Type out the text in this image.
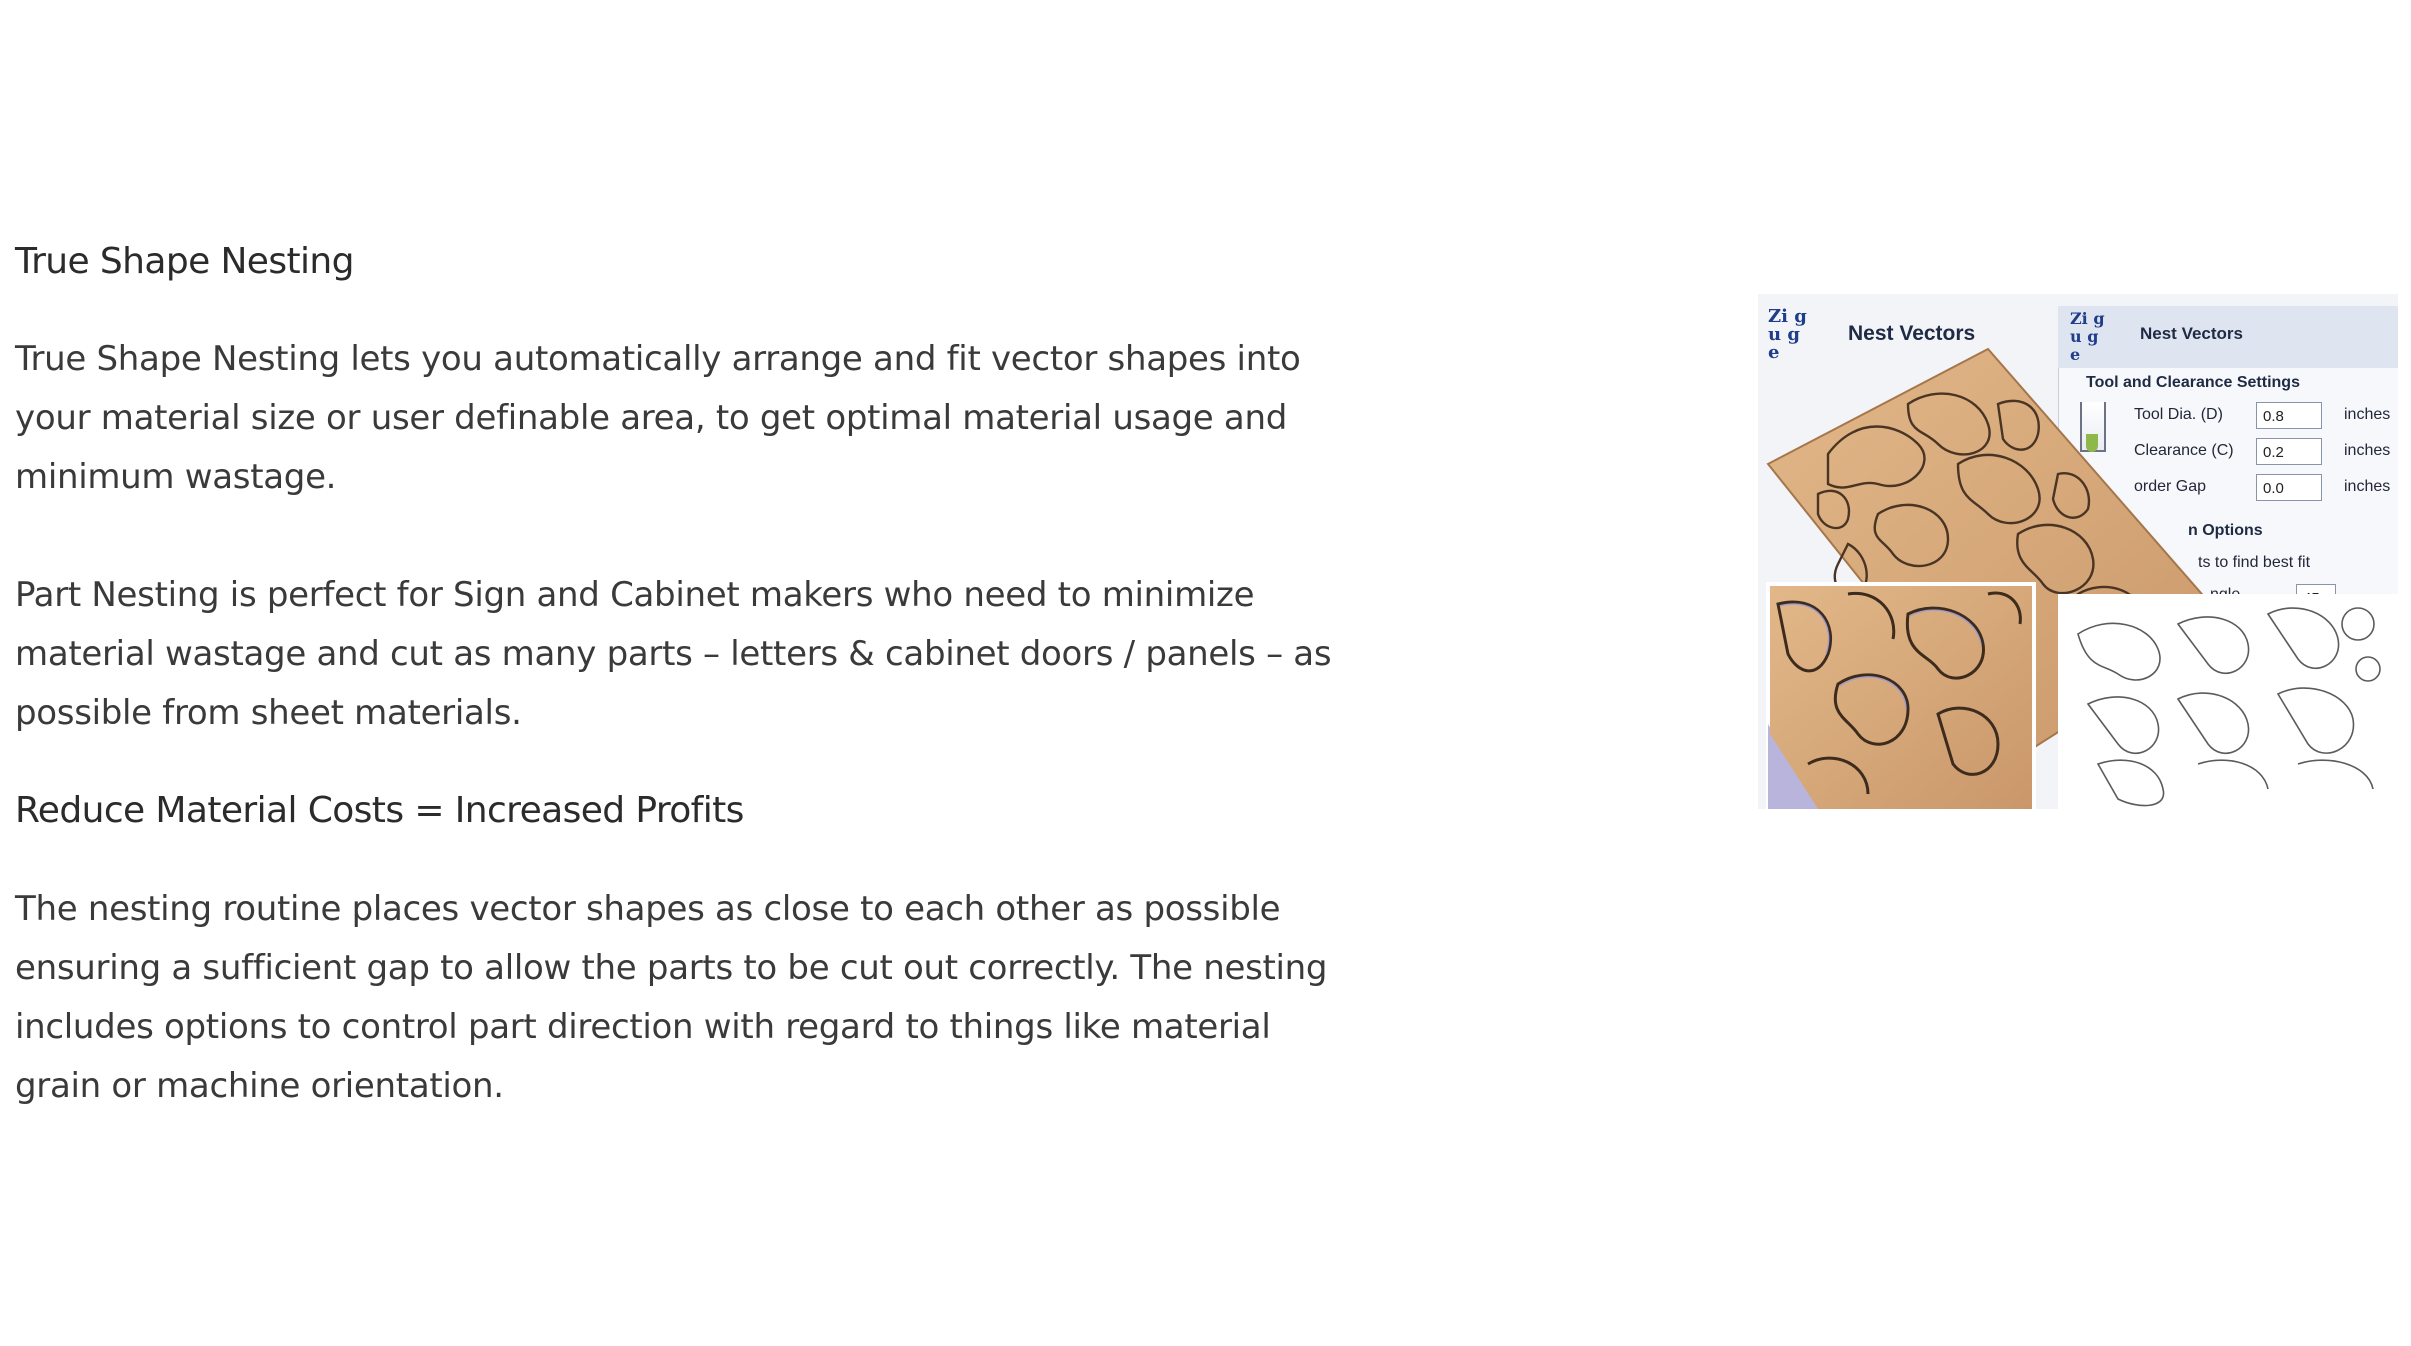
True Shape Nesting

True Shape Nesting lets you automatically arrange and fit vector shapes into your material size or user definable area, to get optimal material usage and minimum wastage.

Part Nesting is perfect for Sign and Cabinet makers who need to minimize material wastage and cut as many parts – letters & cabinet doors / panels – as possible from sheet materials.

Reduce Material Costs = Increased Profits

The nesting routine places vector shapes as close to each other as possible ensuring a sufficient gap to allow the parts to be cut out correctly. The nesting includes options to control part direction with regard to things like material grain or machine orientation.

Zi gu ge
Nest Vectors
Zi gu ge
Nest Vectors
Tool and Clearance Settings
Tool Dia. (D)	0.8	inches
Clearance (C)	0.2	inches
order Gap	0.0	inches
n Options
ts to find best fit
